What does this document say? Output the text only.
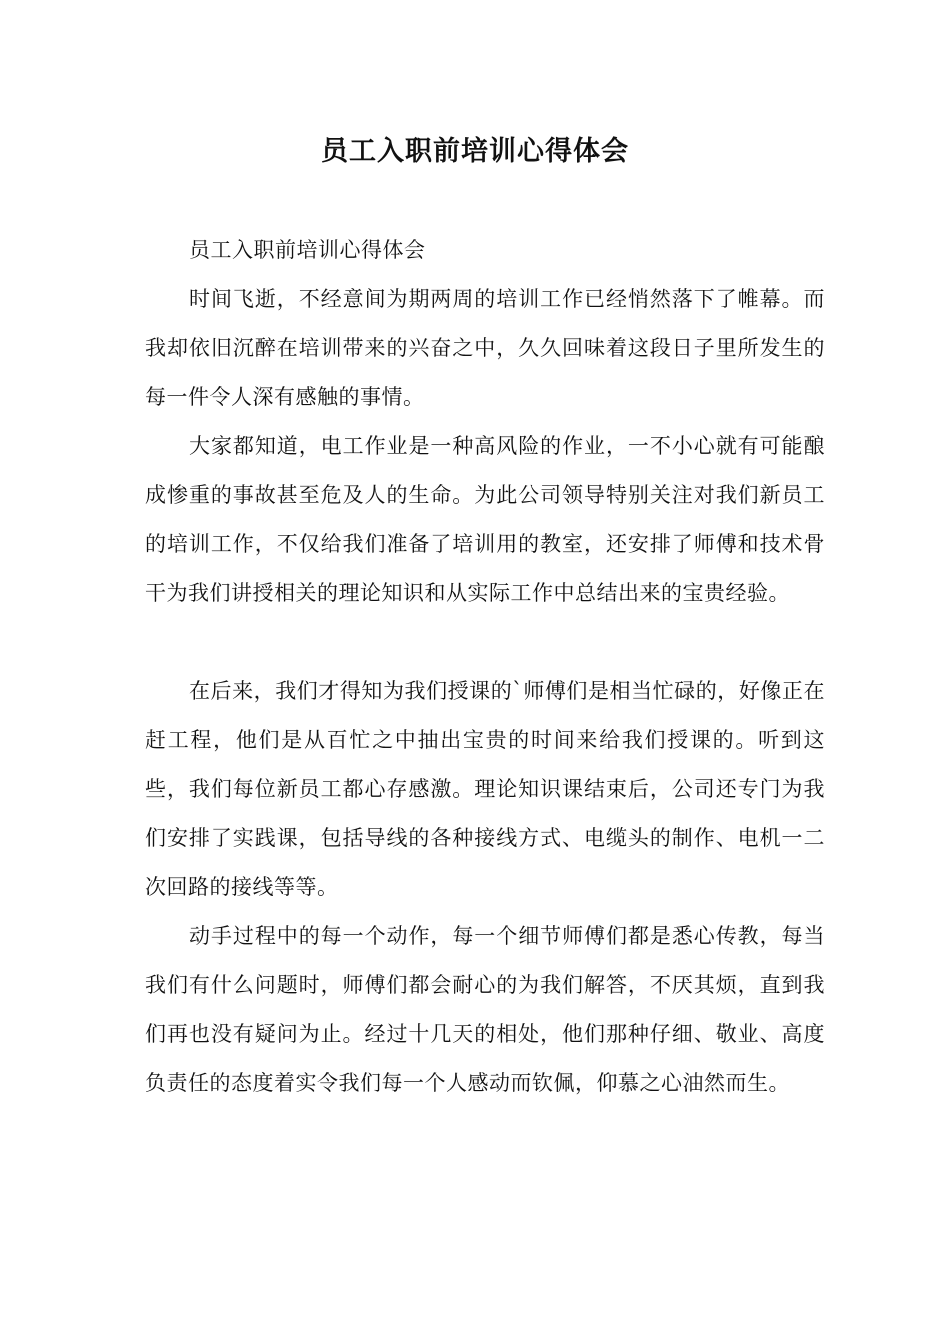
员工入职前培训心得体会

员工入职前培训心得体会

时间飞逝，不经意间为期两周的培训工作已经悄然落下了帷幕。而我却依旧沉醉在培训带来的兴奋之中，久久回味着这段日子里所发生的每一件令人深有感触的事情。

大家都知道，电工作业是一种高风险的作业，一不小心就有可能酿成惨重的事故甚至危及人的生命。为此公司领导特别关注对我们新员工的培训工作，不仅给我们准备了培训用的教室，还安排了师傅和技术骨干为我们讲授相关的理论知识和从实际工作中总结出来的宝贵经验。

在后来，我们才得知为我们授课的`师傅们是相当忙碌的，好像正在赶工程，他们是从百忙之中抽出宝贵的时间来给我们授课的。听到这些，我们每位新员工都心存感激。理论知识课结束后，公司还专门为我们安排了实践课，包括导线的各种接线方式、电缆头的制作、电机一二次回路的接线等等。

动手过程中的每一个动作，每一个细节师傅们都是悉心传教，每当我们有什么问题时，师傅们都会耐心的为我们解答，不厌其烦，直到我们再也没有疑问为止。经过十几天的相处，他们那种仔细、敬业、高度负责任的态度着实令我们每一个人感动而钦佩，仰慕之心油然而生。
